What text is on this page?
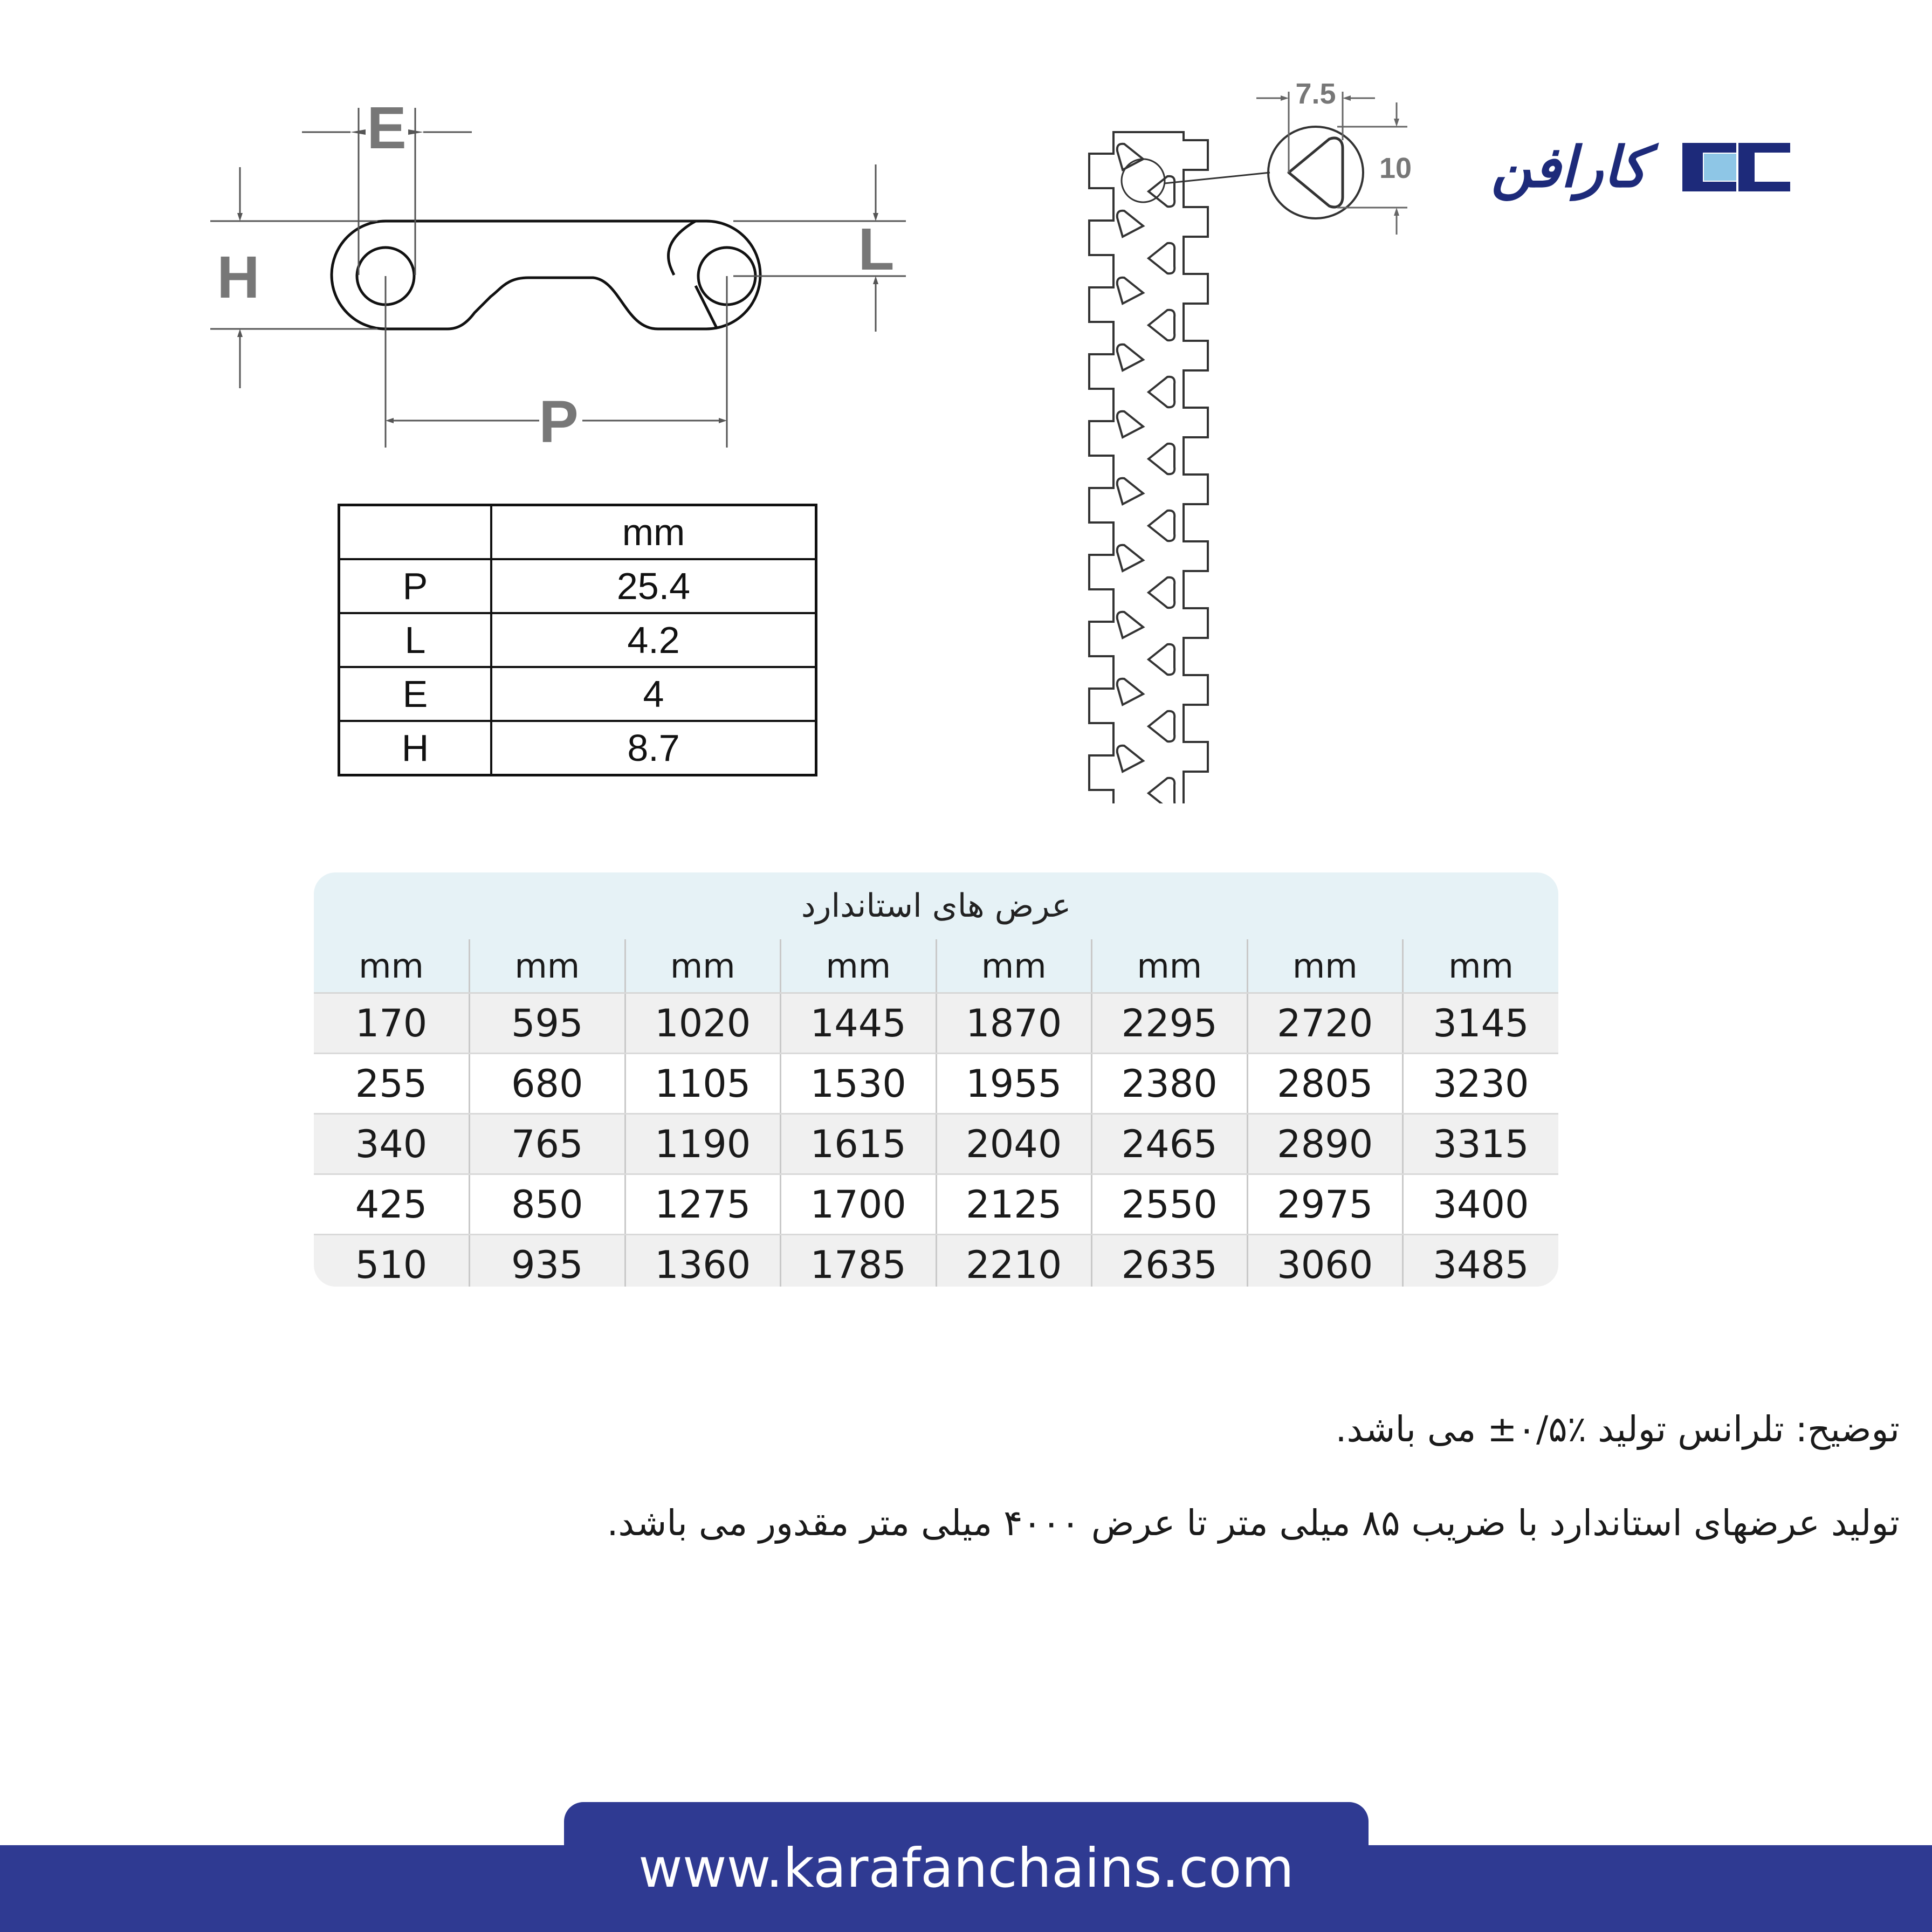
E
H	L
P
7.5
10	کارافن
	mm
P	25.4
L	4.2
E	4
H	8.7
عرض های استاندارد
mm	mm	mm	mm	mm	mm	mm	mm
170	595	1020	1445	1870	2295	2720	3145
255	680	1105	1530	1955	2380	2805	3230
340	765	1190	1615	2040	2465	2890	3315
425	850	1275	1700	2125	2550	2975	3400
510	935	1360	1785	2210	2635	3060	3485
توضیح: تلرانس تولید ٪۰/۵± می باشد.
تولید عرضهای استاندارد با ضریب ۸۵ میلی متر تا عرض ۴۰۰۰ میلی متر مقدور می باشد.
www.karafanchains.com
